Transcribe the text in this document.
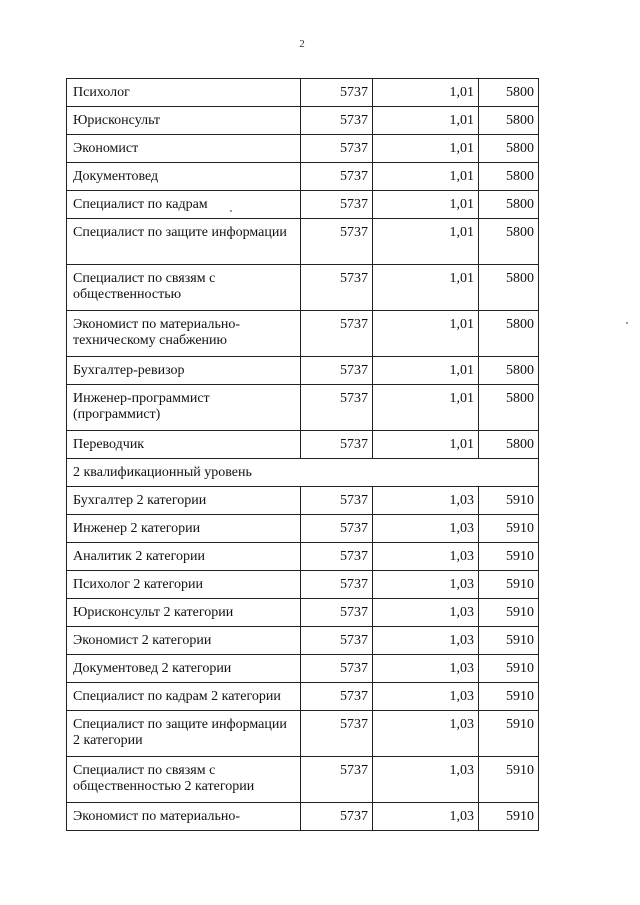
2
Психолог	5737	1,01	5800
Юрисконсульт	5737	1,01	5800
Экономист	5737	1,01	5800
Документовед	5737	1,01	5800
Специалист по кадрам	5737	1,01	5800
Специалист по защите информации	5737	1,01	5800
Специалист по связям с общественностью	5737	1,01	5800
Экономист по материально-техническому снабжению	5737	1,01	5800
Бухгалтер-ревизор	5737	1,01	5800
Инженер-программист (программист)	5737	1,01	5800
Переводчик	5737	1,01	5800
2 квалификационный уровень			
Бухгалтер 2 категории	5737	1,03	5910
Инженер 2 категории	5737	1,03	5910
Аналитик 2 категории	5737	1,03	5910
Психолог 2 категории	5737	1,03	5910
Юрисконсульт 2 категории	5737	1,03	5910
Экономист 2 категории	5737	1,03	5910
Документовед 2 категории	5737	1,03	5910
Специалист по кадрам 2 категории	5737	1,03	5910
Специалист по защите информации 2 категории	5737	1,03	5910
Специалист по связям с общественностью 2 категории	5737	1,03	5910
Экономист по материально-	5737	1,03	5910
